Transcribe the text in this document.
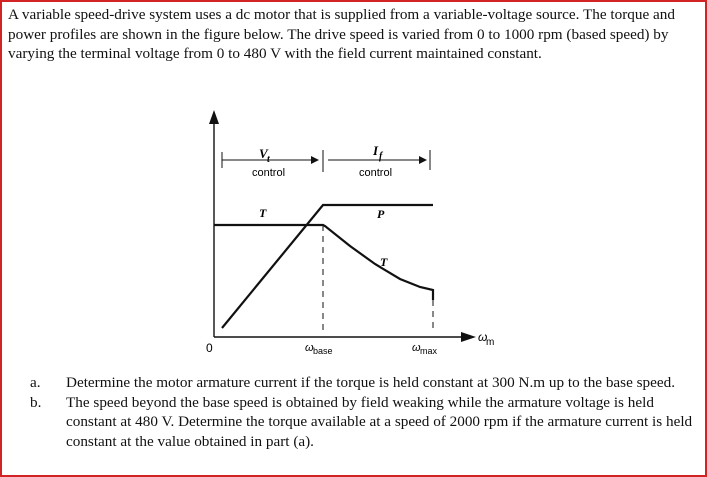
A variable speed-drive system uses a dc motor that is supplied from a variable-voltage source. The torque and power profiles are shown in the figure below. The drive speed is varied from 0 to 1000 rpm (based speed) by varying the terminal voltage from 0 to 480 V with the field current maintained constant.

V t
control
I f
control
T	P
T
0	ω base	ω max
ω
m
a. Determine the motor armature current if the torque is held constant at 300 N.m up to the base speed.
b. The speed beyond the base speed is obtained by field weaking while the armature voltage is held constant at 480 V. Determine the torque available at a speed of 2000 rpm if the armature current is held constant at the value obtained in part (a).
